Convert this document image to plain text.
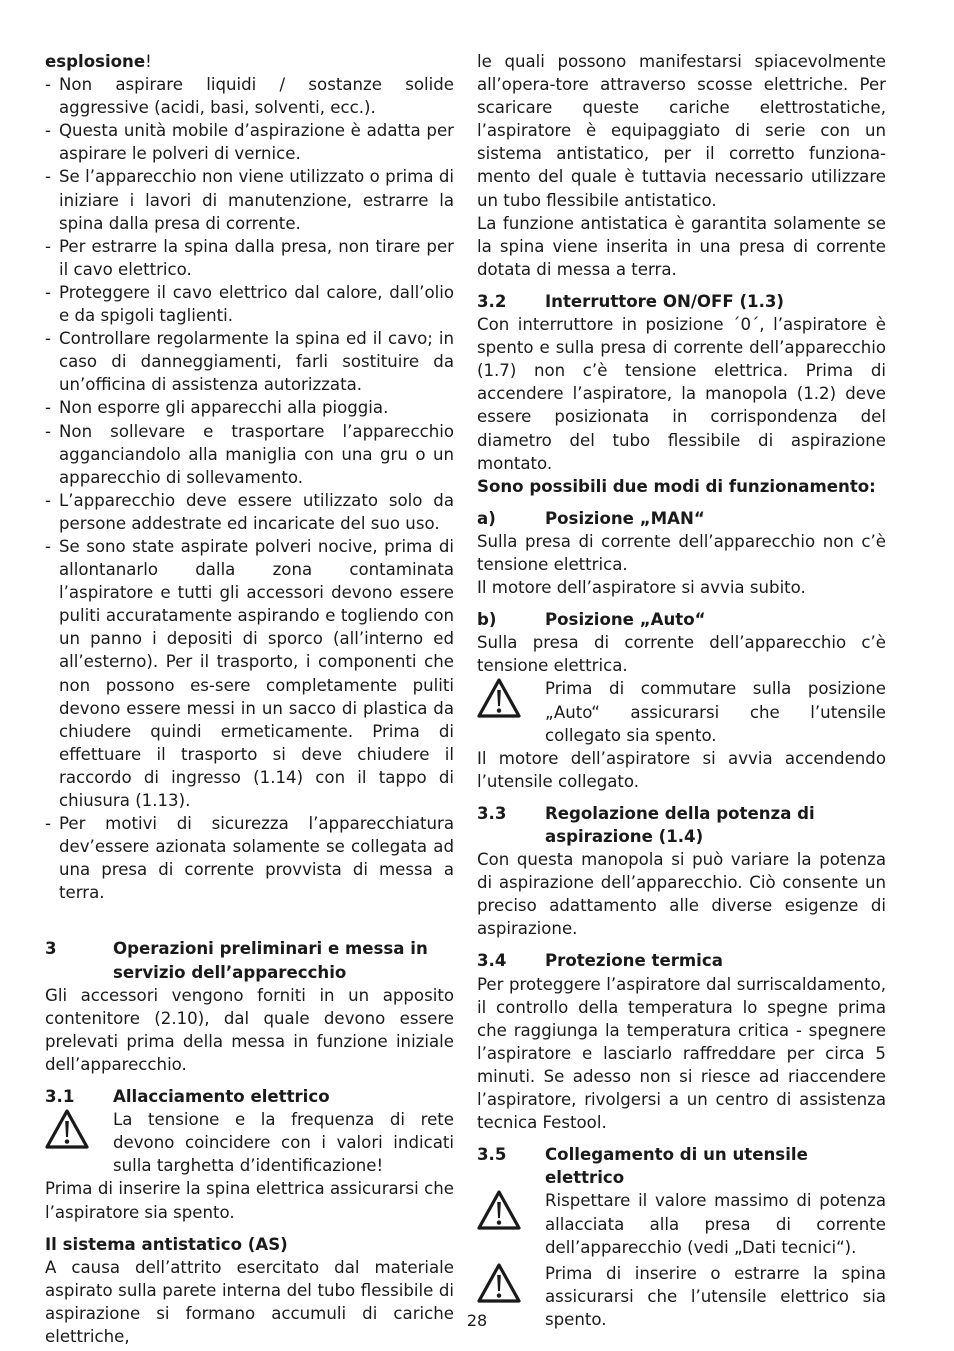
esplosione!

- Non aspirare liquidi / sostanze solide aggressive (acidi, basi, solventi, ecc.).
- Questa unità mobile d’aspirazione è adatta per aspirare le polveri di vernice.
- Se l’apparecchio non viene utilizzato o prima di iniziare i lavori di manutenzione, estrarre la spina dalla presa di corrente.
- Per estrarre la spina dalla presa, non tirare per il cavo elettrico.
- Proteggere il cavo elettrico dal calore, dall’olio e da spigoli taglienti.
- Controllare regolarmente la spina ed il cavo; in caso di danneggiamenti, farli sostituire da un’officina di assistenza autorizzata.
- Non esporre gli apparecchi alla pioggia.
- Non sollevare e trasportare l’apparecchio agganciandolo alla maniglia con una gru o un apparecchio di sollevamento.
- L’apparecchio deve essere utilizzato solo da persone addestrate ed incaricate del suo uso.
- Se sono state aspirate polveri nocive, prima di allontanarlo dalla zona contaminata l’aspiratore e tutti gli accessori devono essere puliti accuratamente aspirando e togliendo con un panno i depositi di sporco (all’interno ed all’esterno). Per il trasporto, i componenti che non possono es-sere completamente puliti devono essere messi in un sacco di plastica da chiudere quindi ermeticamente. Prima di effettuare il trasporto si deve chiudere il raccordo di ingresso (1.14) con il tappo di chiusura (1.13).
- Per motivi di sicurezza l’apparecchiatura dev’essere azionata solamente se collegata ad una presa di corrente provvista di messa a terra.
3	Operazioni preliminari e messa in servizio dell’apparecchio

Gli accessori vengono forniti in un apposito contenitore (2.10), dal quale devono essere prelevati prima della messa in funzione iniziale dell’apparecchio.

3.1	Allacciamento elettrico

La tensione e la frequenza di rete devono coincidere con i valori indicati sulla targhetta d’identificazione!

Prima di inserire la spina elettrica assicurarsi che l’aspiratore sia spento.

Il sistema antistatico (AS)

A causa dell’attrito esercitato dal materiale aspirato sulla parete interna del tubo flessibile di aspirazione si formano accumuli di cariche elettriche,

le quali possono manifestarsi spiacevolmente all’opera-tore attraverso scosse elettriche. Per scaricare queste cariche elettrostatiche, l’aspiratore è equipaggiato di serie con un sistema antistatico, per il corretto funziona-mento del quale è tuttavia necessario utilizzare un tubo flessibile antistatico.

La funzione antistatica è garantita solamente se la spina viene inserita in una presa di corrente dotata di messa a terra.

3.2	Interruttore ON/OFF (1.3)

Con interruttore in posizione ´0´, l’aspiratore è spento e sulla presa di corrente dell’apparecchio (1.7) non c’è tensione elettrica. Prima di accendere l’aspiratore, la manopola (1.2) deve essere posizionata in corrispondenza del diametro del tubo flessibile di aspirazione montato.

Sono possibili due modi di funzionamento:

a)	Posizione „MAN“

Sulla presa di corrente dell’apparecchio non c’è tensione elettrica.

Il motore dell’aspiratore si avvia subito.

b)	Posizione „Auto“

Sulla presa di corrente dell’apparecchio c’è tensione elettrica.

Prima di commutare sulla posizione „Auto“ assicurarsi che l’utensile collegato sia spento.

Il motore dell’aspiratore si avvia accendendo l’utensile collegato.

3.3	Regolazione della potenza di aspirazione (1.4)

Con questa manopola si può variare la potenza di aspirazione dell’apparecchio. Ciò consente un preciso adattamento alle diverse esigenze di aspirazione.

3.4	Protezione termica

Per proteggere l’aspiratore dal surriscaldamento, il controllo della temperatura lo spegne prima che raggiunga la temperatura critica - spegnere l’aspiratore e lasciarlo raffreddare per circa 5 minuti. Se adesso non si riesce ad riaccendere l’aspiratore, rivolgersi a un centro di assistenza tecnica Festool.

3.5	Collegamento di un utensile elettrico

Rispettare il valore massimo di potenza allacciata alla presa di corrente dell’apparecchio (vedi „Dati tecnici“).

Prima di inserire o estrarre la spina assicurarsi che l’utensile elettrico sia spento.

28
